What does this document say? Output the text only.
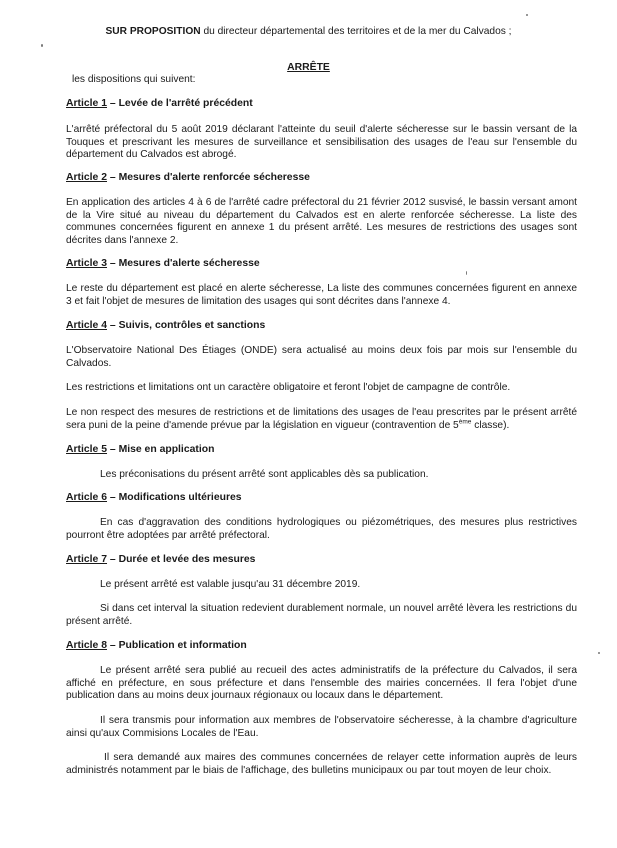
SUR PROPOSITION du directeur départemental des territoires et de la mer du Calvados ;
ARRÊTE
les dispositions qui suivent:
Article 1 – Levée de l'arrêté précédent

L'arrêté préfectoral du 5 août 2019 déclarant l'atteinte du seuil d'alerte sécheresse sur le bassin versant de la Touques et prescrivant les mesures de surveillance et sensibilisation des usages de l'eau sur l'ensemble du département du Calvados est abrogé.

Article 2 – Mesures d'alerte renforcée sécheresse

En application des articles 4 à 6 de l'arrêté cadre préfectoral du 21 février 2012 susvisé, le bassin versant amont de la Vire situé au niveau du département du Calvados est en alerte renforcée sécheresse. La liste des communes concernées figurent en annexe 1 du présent arrêté. Les mesures de restrictions des usages sont décrites dans l'annexe 2.

Article 3 – Mesures d'alerte sécheresse

Le reste du département est placé en alerte sécheresse, La liste des communes concernées figurent en annexe 3 et fait l'objet de mesures de limitation des usages qui sont décrites dans l'annexe 4.

Article 4 – Suivis, contrôles et sanctions

L'Observatoire National Des Étiages (ONDE) sera actualisé au moins deux fois par mois sur l'ensemble du Calvados.

Les restrictions et limitations ont un caractère obligatoire et feront l'objet de campagne de contrôle.

Le non respect des mesures de restrictions et de limitations des usages de l'eau prescrites par le présent arrêté sera puni de la peine d'amende prévue par la législation en vigueur (contravention de 5ème classe).

Article 5 – Mise en application

Les préconisations du présent arrêté sont applicables dès sa publication.

Article 6 – Modifications ultérieures

En cas d'aggravation des conditions hydrologiques ou piézométriques, des mesures plus restrictives pourront être adoptées par arrêté préfectoral.

Article 7 – Durée et levée des mesures

Le présent arrêté est valable jusqu'au 31 décembre 2019.

Si dans cet interval la situation redevient durablement normale, un nouvel arrêté lèvera les restrictions du présent arrêté.

Article 8 – Publication et information

Le présent arrêté sera publié au recueil des actes administratifs de la préfecture du Calvados, il sera affiché en préfecture, en sous préfecture et dans l'ensemble des mairies concernées. Il fera l'objet d'une publication dans au moins deux journaux régionaux ou locaux dans le département.

Il sera transmis pour information aux membres de l'observatoire sécheresse, à la chambre d'agriculture ainsi qu'aux Commisions Locales de l'Eau.

Il sera demandé aux maires des communes concernées de relayer cette information auprès de leurs administrés notamment par le biais de l'affichage, des bulletins municipaux ou par tout moyen de leur choix.
